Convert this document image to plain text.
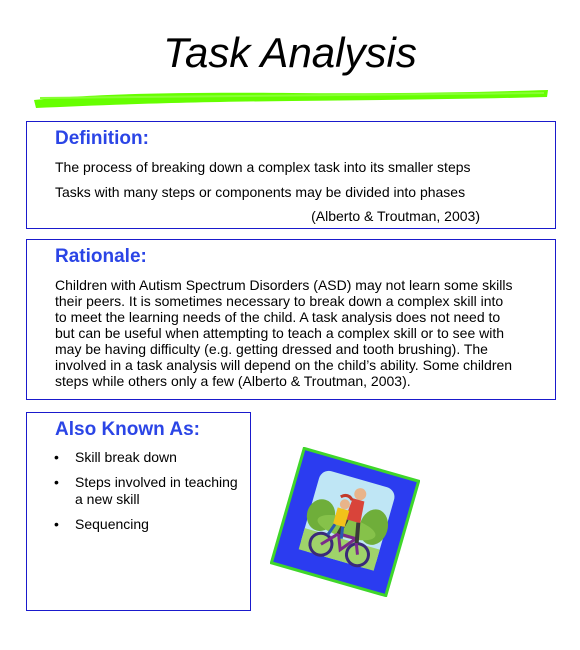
Task Analysis
Definition:
The process of breaking down a complex task into its smaller steps
Tasks with many steps or components may be divided into phases
(Alberto & Troutman, 2003)
Rationale:
Children with Autism Spectrum Disorders (ASD) may not learn some skills
their peers. It is sometimes necessary to break down a complex skill into
to meet the learning needs of the child. A task analysis does not need to
but can be useful when attempting to teach a complex skill or to see with
may be having difficulty (e.g. getting dressed and tooth brushing). The
involved in a task analysis will depend on the child’s ability. Some children
steps while others only a few (Alberto & Troutman, 2003).
Also Known As:
• Skill break down
• Steps involved in teaching a new skill
• Sequencing
